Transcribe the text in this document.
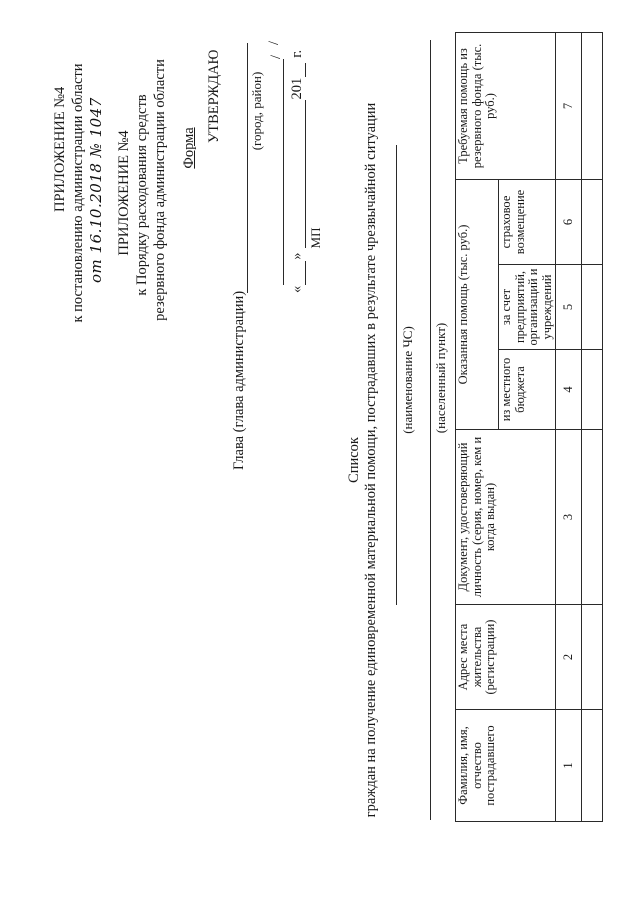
ПРИЛОЖЕНИЕ №4 к постановлению администрации области от 16.10.2018 № 1047 ПРИЛОЖЕНИЕ №4 к Порядку расходования средств резервного фонда администрации области Форма
УТВЕРЖДАЮ
Глава (глава администрации)
(город, район)
/
/
«
»
201
г.
МП
Список граждан на получение единовременной материальной помощи, пострадавших в результате чрезвычайной ситуации (наименование ЧС) (населенный пункт)
Фамилия, имя, отчество пострадавшего	Адрес места жительства (регистрации)	Документ, удостоверяющий личность (серия, номер, кем и когда выдан)	Оказанная помощь (тыс. руб.)			Требуемая помощь из резервного фонда (тыс. руб.)
			из местного бюджета	за счет предприятий, организаций и учреждений	страховое возмещение	
1	2	3	4	5	6	7
